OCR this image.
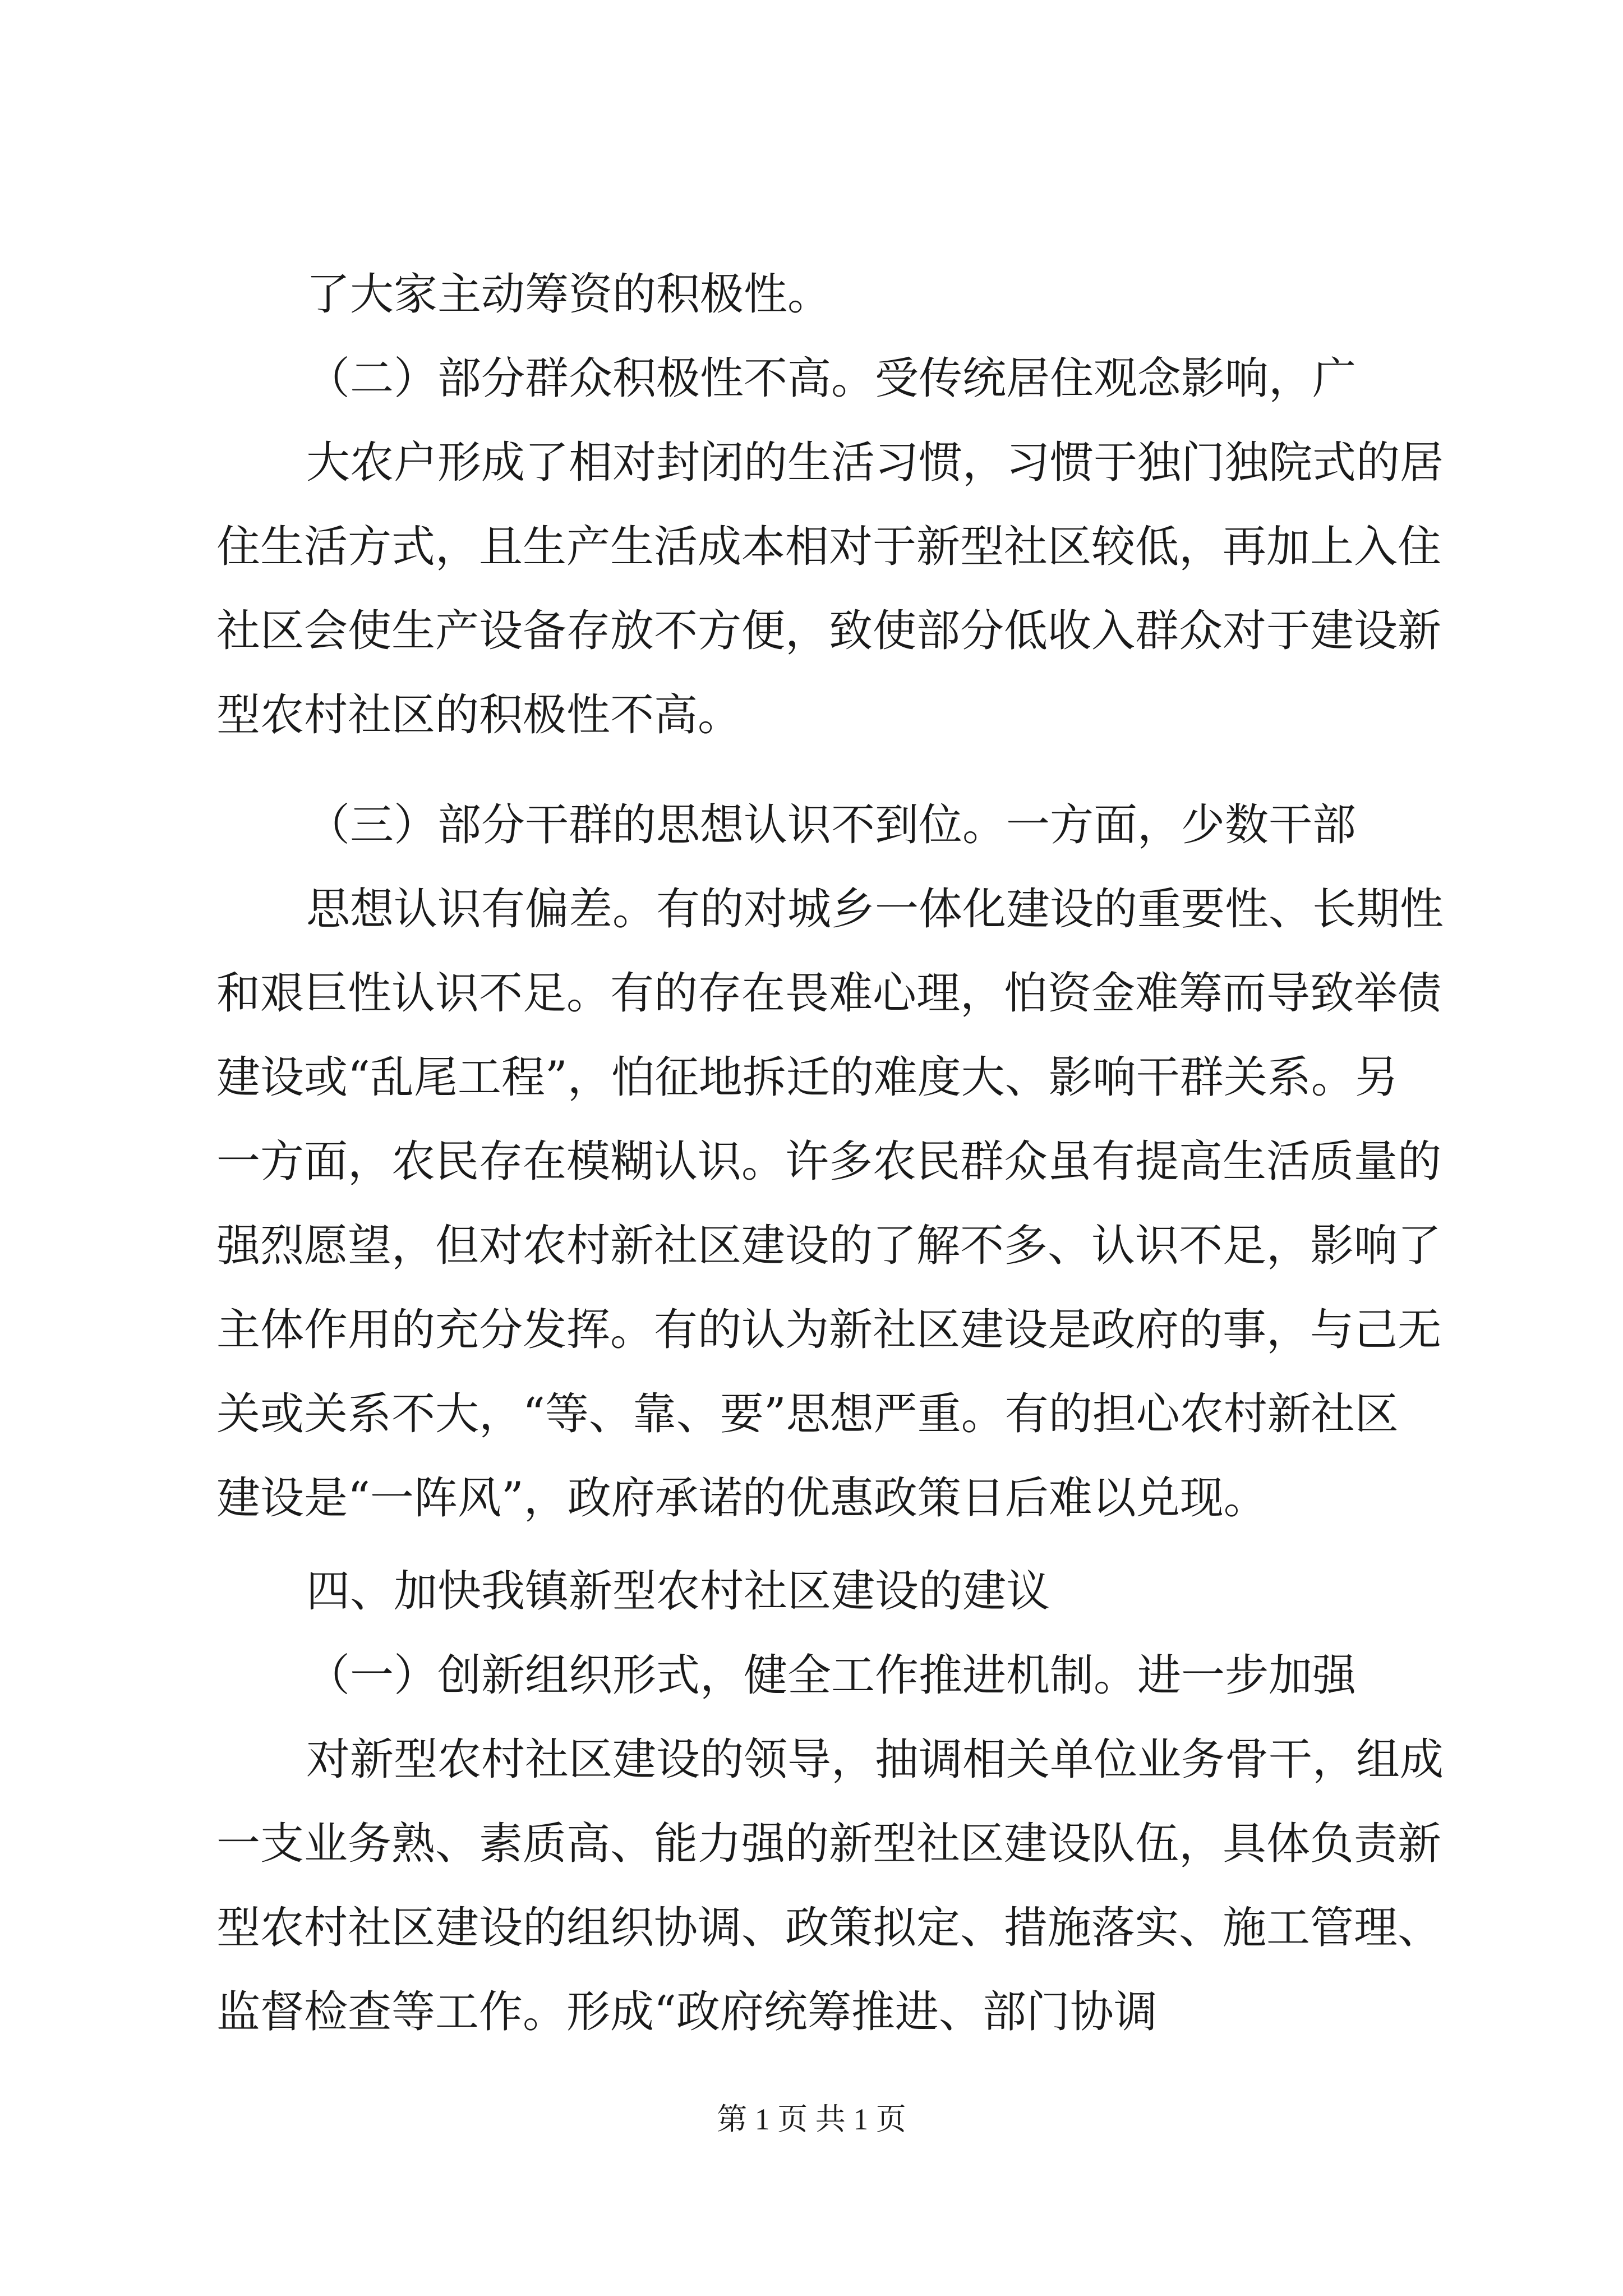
了大家主动筹资的积极性。
（二）部分群众积极性不高。受传统居住观念影响，广
大农户形成了相对封闭的生活习惯，习惯于独门独院式的居
住生活方式，且生产生活成本相对于新型社区较低，再加上入住
社区会使生产设备存放不方便，致使部分低收入群众对于建设新
型农村社区的积极性不高。
（三）部分干群的思想认识不到位。一方面，少数干部
思想认识有偏差。有的对城乡一体化建设的重要性、长期性
和艰巨性认识不足。有的存在畏难心理，怕资金难筹而导致举债
建设或“乱尾工程”，怕征地拆迁的难度大、影响干群关系。另
一方面，农民存在模糊认识。许多农民群众虽有提高生活质量的
强烈愿望，但对农村新社区建设的了解不多、认识不足，影响了
主体作用的充分发挥。有的认为新社区建设是政府的事，与己无
关或关系不大，“等、靠、要”思想严重。有的担心农村新社区
建设是“一阵风”，政府承诺的优惠政策日后难以兑现。
四、加快我镇新型农村社区建设的建议
（一）创新组织形式，健全工作推进机制。进一步加强
对新型农村社区建设的领导，抽调相关单位业务骨干，组成
一支业务熟、素质高、能力强的新型社区建设队伍，具体负责新
型农村社区建设的组织协调、政策拟定、措施落实、施工管理、
监督检查等工作。形成“政府统筹推进、部门协调
第 1 页 共 1 页
